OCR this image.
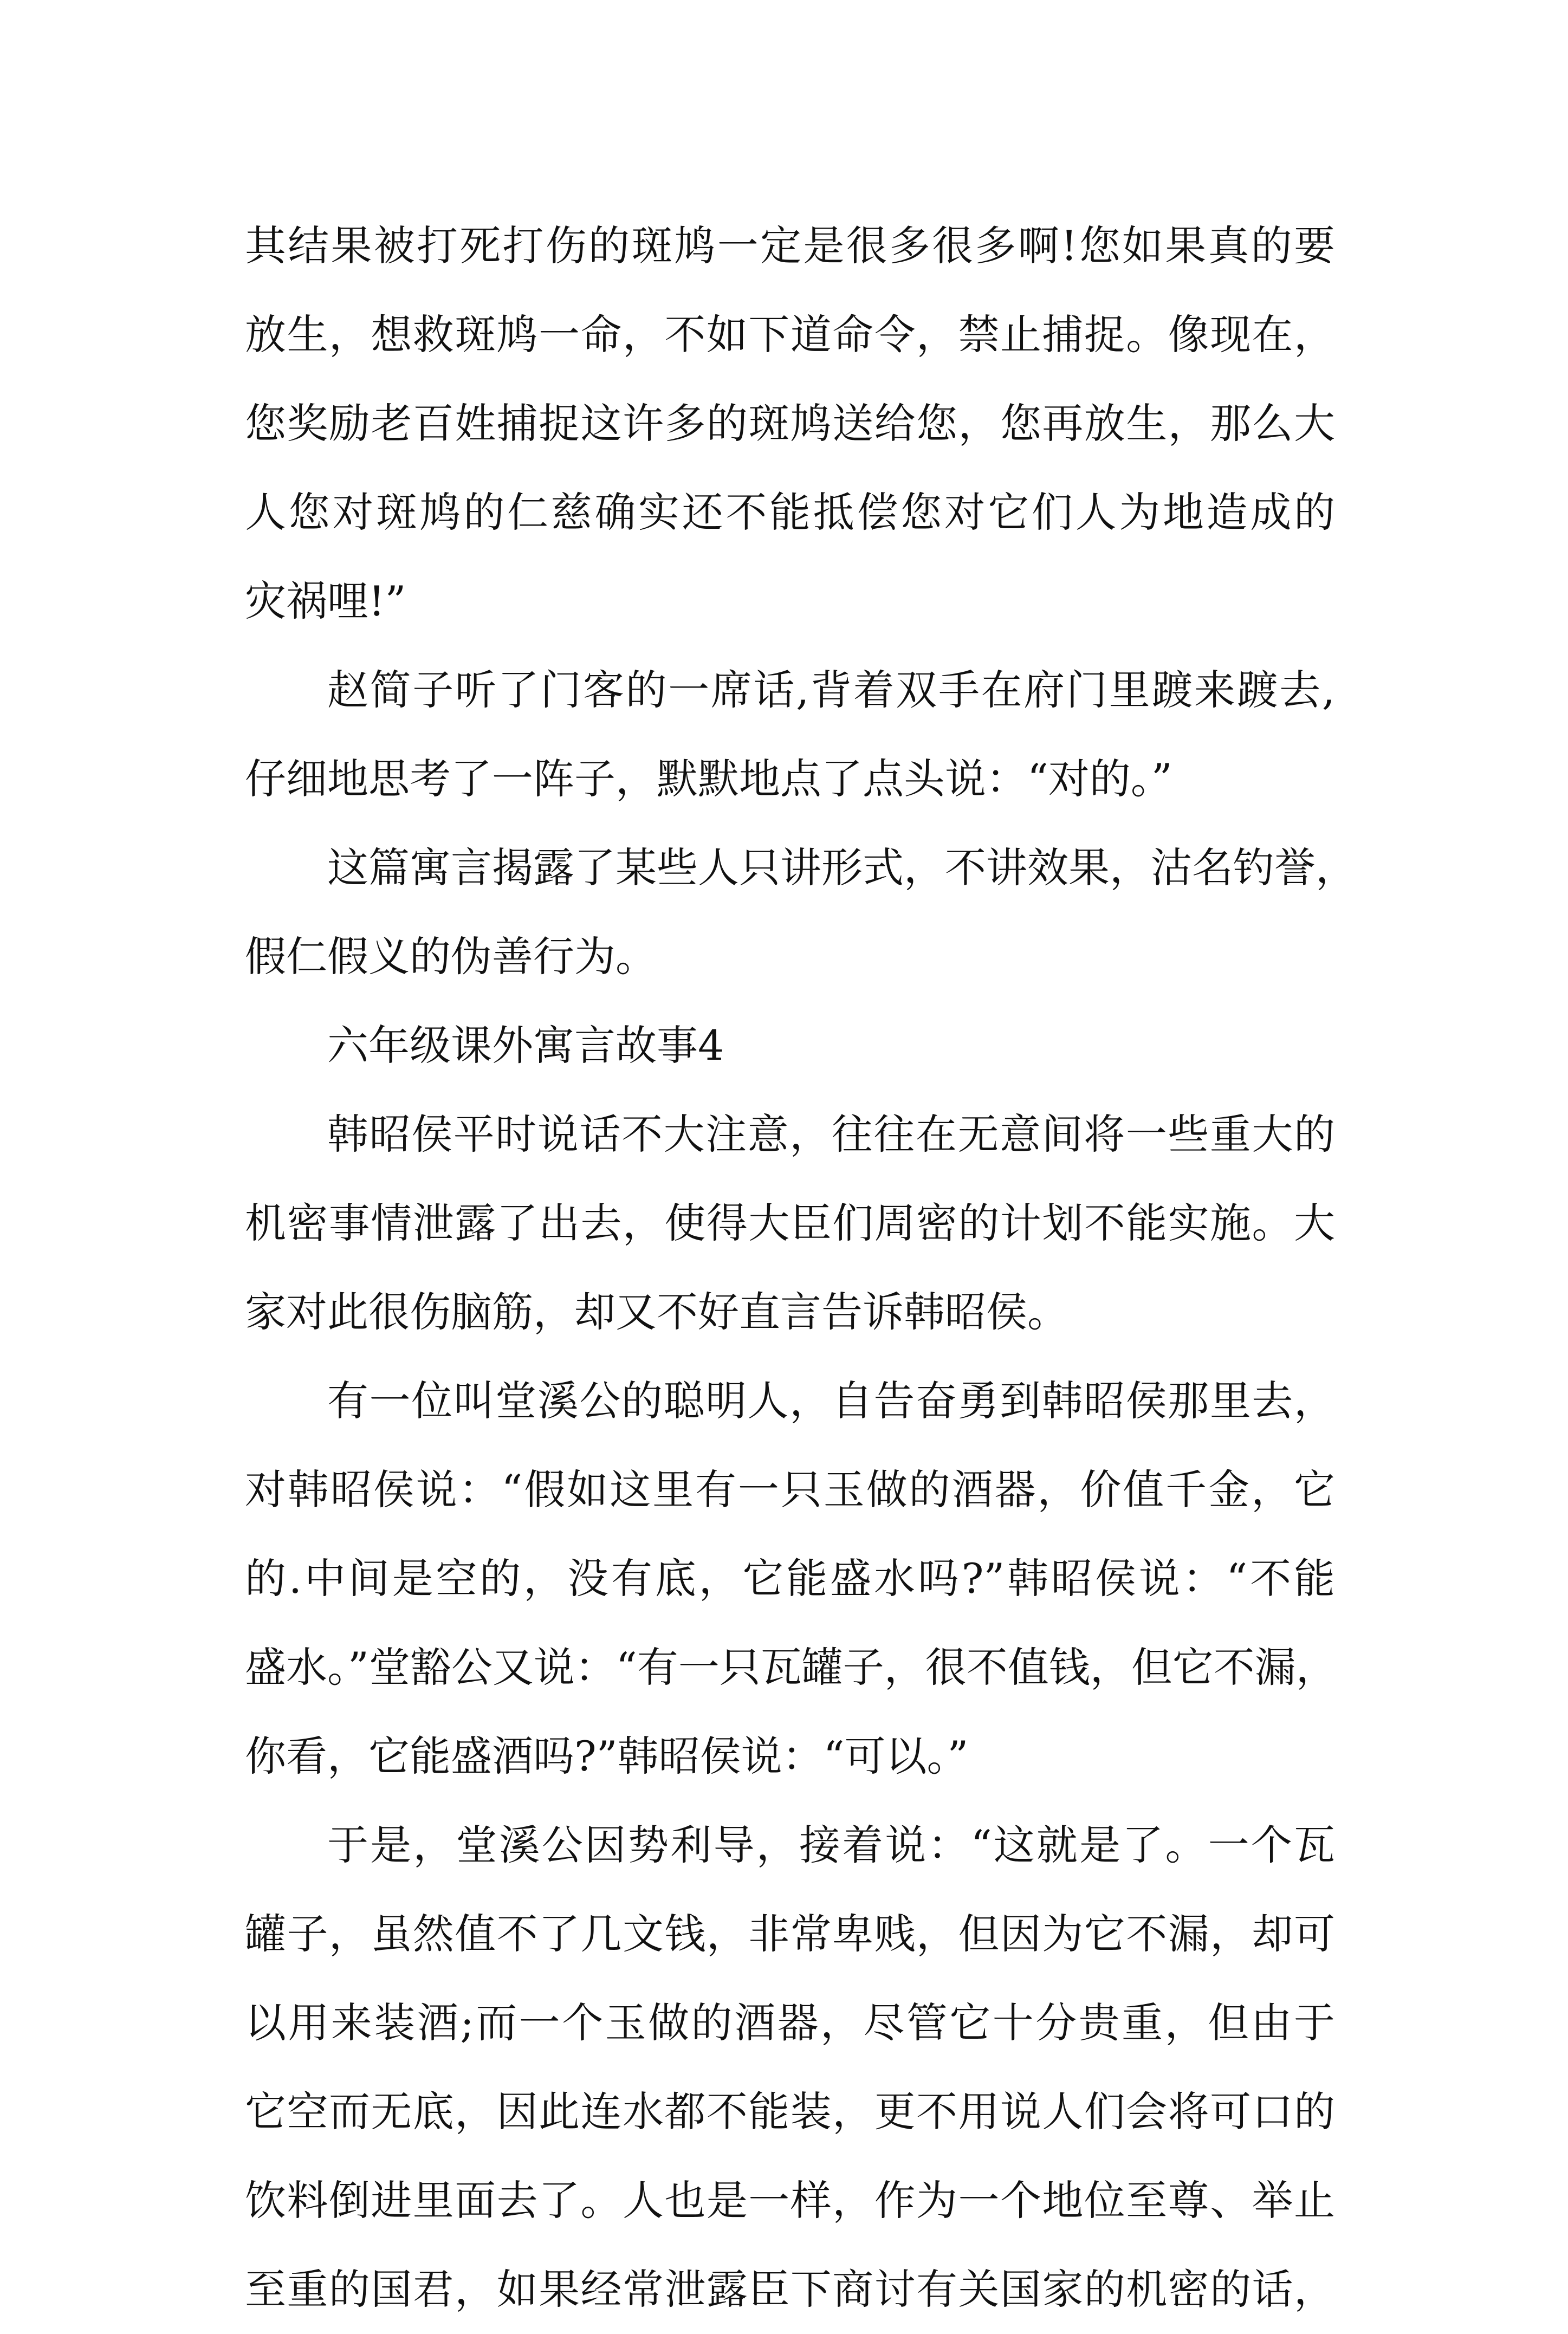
其结果被打死打伤的斑鸠一定是很多很多啊!您如果真的要
放生，想救斑鸠一命，不如下道命令，禁止捕捉。像现在，
您奖励老百姓捕捉这许多的斑鸠送给您，您再放生，那么大
人您对斑鸠的仁慈确实还不能抵偿您对它们人为地造成的
灾祸哩!”
赵简子听了门客的一席话,背着双手在府门里踱来踱去,
仔细地思考了一阵子，默默地点了点头说：“对的。”
这篇寓言揭露了某些人只讲形式，不讲效果，沽名钓誉，
假仁假义的伪善行为。
六年级课外寓言故事4
韩昭侯平时说话不大注意，往往在无意间将一些重大的
机密事情泄露了出去，使得大臣们周密的计划不能实施。大
家对此很伤脑筋，却又不好直言告诉韩昭侯。
有一位叫堂溪公的聪明人，自告奋勇到韩昭侯那里去，
对韩昭侯说：“假如这里有一只玉做的酒器，价值千金，它
的.中间是空的，没有底，它能盛水吗?”韩昭侯说：“不能
盛水。”堂豁公又说：“有一只瓦罐子，很不值钱，但它不漏，
你看，它能盛酒吗?”韩昭侯说：“可以。”
于是，堂溪公因势利导，接着说：“这就是了。一个瓦
罐子，虽然值不了几文钱，非常卑贱，但因为它不漏，却可
以用来装酒;而一个玉做的酒器，尽管它十分贵重，但由于
它空而无底，因此连水都不能装，更不用说人们会将可口的
饮料倒进里面去了。人也是一样，作为一个地位至尊、举止
至重的国君，如果经常泄露臣下商讨有关国家的机密的话，
